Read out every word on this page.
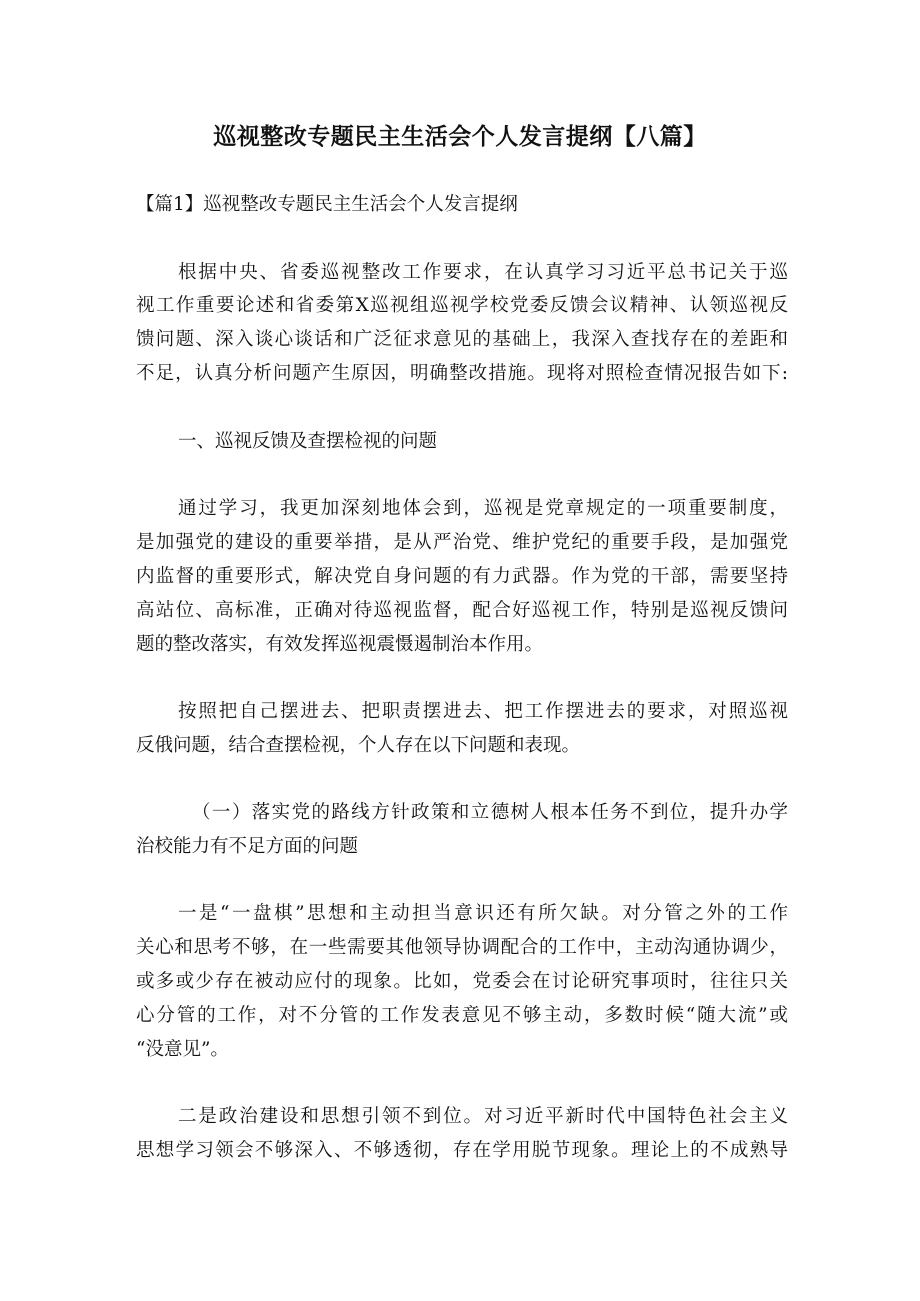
巡视整改专题民主生活会个人发言提纲【八篇】
【篇1】巡视整改专题民主生活会个人发言提纲
根据中央、省委巡视整改工作要求，在认真学习习近平总书记关于巡
视工作重要论述和省委第X巡视组巡视学校党委反馈会议精神、认领巡视反
馈问题、深入谈心谈话和广泛征求意见的基础上，我深入查找存在的差距和
不足，认真分析问题产生原因，明确整改措施。现将对照检查情况报告如下:
一、巡视反馈及查摆检视的问题
通过学习，我更加深刻地体会到，巡视是党章规定的一项重要制度，
是加强党的建设的重要举措，是从严治党、维护党纪的重要手段，是加强党
内监督的重要形式，解决党自身问题的有力武器。作为党的干部，需要坚持
高站位、高标准，正确对待巡视监督，配合好巡视工作，特别是巡视反馈问
题的整改落实，有效发挥巡视震慑遏制治本作用。
按照把自己摆进去、把职责摆进去、把工作摆进去的要求，对照巡视
反俄问题，结合查摆检视，个人存在以下问题和表现。
（一）落实党的路线方针政策和立德树人根本任务不到位，提升办学
治校能力有不足方面的问题
一是“一盘棋”思想和主动担当意识还有所欠缺。对分管之外的工作
关心和思考不够，在一些需要其他领导协调配合的工作中，主动沟通协调少，
或多或少存在被动应付的现象。比如，党委会在讨论研究事项时，往往只关
心分管的工作，对不分管的工作发表意见不够主动，多数时候“随大流”或
“没意见”。
二是政治建设和思想引领不到位。对习近平新时代中国特色社会主义
思想学习领会不够深入、不够透彻，存在学用脱节现象。理论上的不成熟导
